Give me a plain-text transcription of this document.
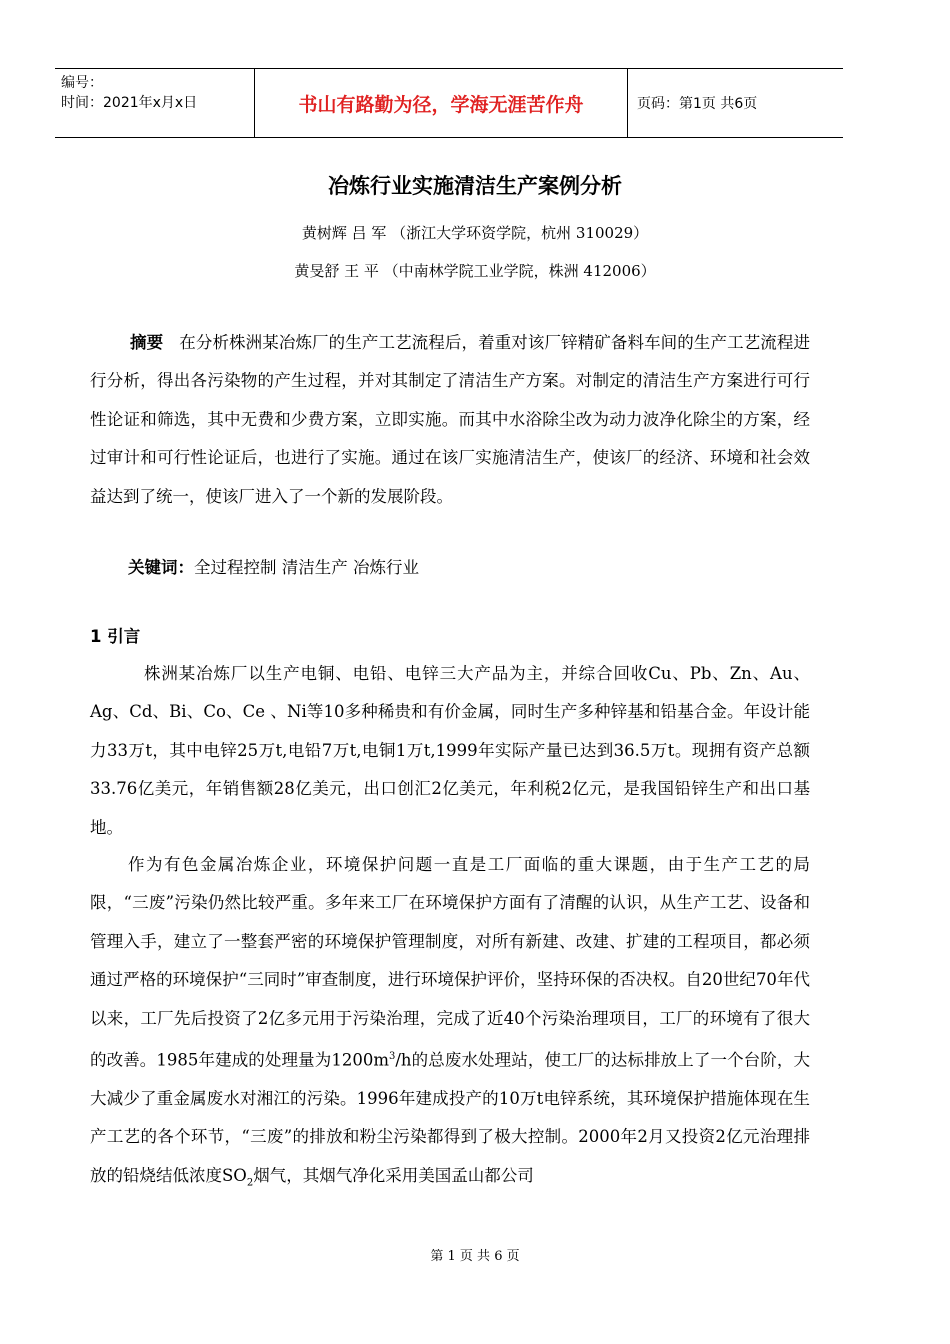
编号：
时间：2021年x月x日	书山有路勤为径，学海无涯苦作舟	页码：第1页 共6页
冶炼行业实施清洁生产案例分析
黄树辉 吕 军 （浙江大学环资学院，杭州 310029）
黄旻舒 王 平 （中南林学院工业学院，株洲 412006）
摘要 在分析株洲某冶炼厂的生产工艺流程后，着重对该厂锌精矿备料车间的生产工艺流程进行分析，得出各污染物的产生过程，并对其制定了清洁生产方案。对制定的清洁生产方案进行可行性论证和筛选，其中无费和少费方案，立即实施。而其中水浴除尘改为动力波净化除尘的方案，经过审计和可行性论证后，也进行了实施。通过在该厂实施清洁生产，使该厂的经济、环境和社会效益达到了统一，使该厂进入了一个新的发展阶段。
关键词：全过程控制 清洁生产 冶炼行业
1 引言
株洲某冶炼厂以生产电铜、电铅、电锌三大产品为主，并综合回收Cu、Pb、Zn、Au、Ag、Cd、Bi、Co、Ce 、Ni等10多种稀贵和有价金属，同时生产多种锌基和铅基合金。年设计能力33万t，其中电锌25万t,电铅7万t,电铜1万t,1999年实际产量已达到36.5万t。现拥有资产总额33.76亿美元，年销售额28亿美元，出口创汇2亿美元，年利税2亿元，是我国铅锌生产和出口基地。
作为有色金属冶炼企业，环境保护问题一直是工厂面临的重大课题，由于生产工艺的局限，“三废”污染仍然比较严重。多年来工厂在环境保护方面有了清醒的认识，从生产工艺、设备和管理入手，建立了一整套严密的环境保护管理制度，对所有新建、改建、扩建的工程项目，都必须通过严格的环境保护“三同时”审查制度，进行环境保护评价，坚持环保的否决权。自20世纪70年代以来，工厂先后投资了2亿多元用于污染治理，完成了近40个污染治理项目，工厂的环境有了很大的改善。1985年建成的处理量为$1200m^3/h$的总废水处理站，使工厂的达标排放上了一个台阶，大大减少了重金属废水对湘江的污染。1996年建成投产的10万t电锌系统，其环境保护措施体现在生产工艺的各个环节，“三废”的排放和粉尘污染都得到了极大控制。2000年2月又投资2亿元治理排放的铅烧结低浓度$SO_2$烟气，其烟气净化采用美国孟山都公司
第 1 页 共 6 页
